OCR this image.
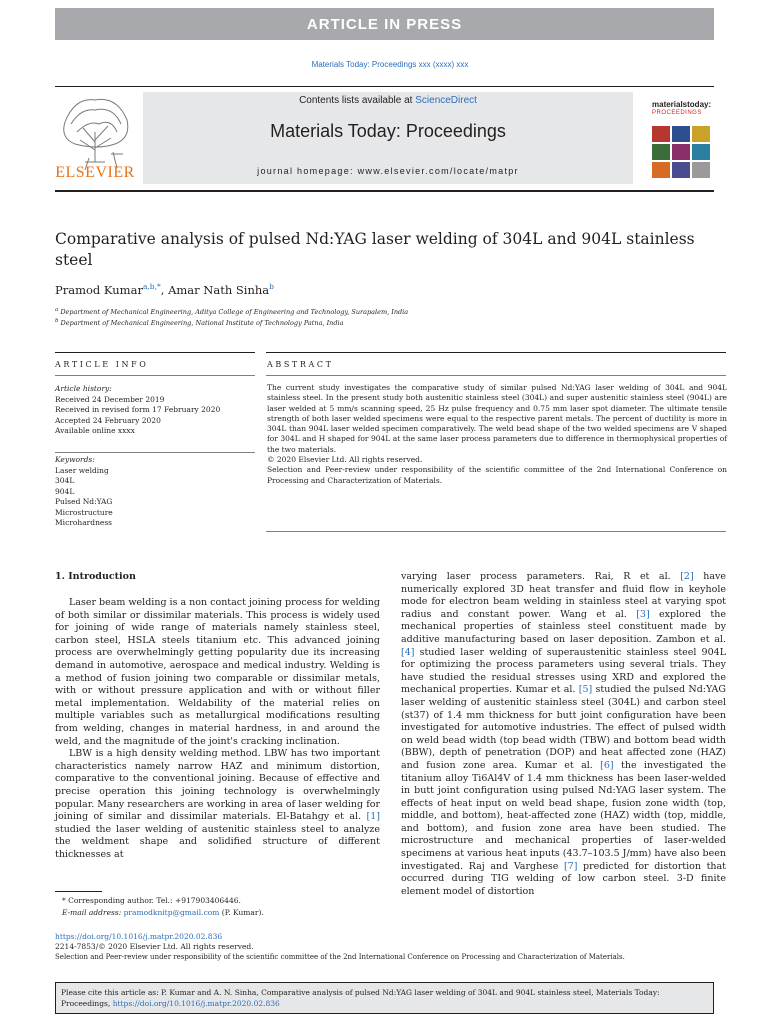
ARTICLE IN PRESS
Materials Today: Proceedings xxx (xxxx) xxx
ELSEVIER
Contents lists available at ScienceDirect
Materials Today: Proceedings
journal homepage: www.elsevier.com/locate/matpr
materialstoday:
PROCEEDINGS
Comparative analysis of pulsed Nd:YAG laser welding of 304L and 904L stainless steel
Pramod Kumar$^{a,b,*}$, Amar Nath Sinha$^b$
$^a$ Department of Mechanical Engineering, Aditya College of Engineering and Technology, Surapalem, India
$^b$ Department of Mechanical Engineering, National Institute of Technology Patna, India
ARTICLE INFO	ABSTRACT
Article history:
Received 24 December 2019
Received in revised form 17 February 2020
Accepted 24 February 2020
Available online xxxx
Keywords:
Laser welding
304L
904L
Pulsed Nd:YAG
Microstructure
Microhardness

The current study investigates the comparative study of similar pulsed Nd:YAG laser welding of 304L and 904L stainless steel. In the present study both austenitic stainless steel (304L) and super austenitic stainless steel (904L) are laser welded at 5 mm/s scanning speed, 25 Hz pulse frequency and 0.75 mm laser spot diameter. The ultimate tensile strength of both laser welded specimens were equal to the respective parent metals. The percent of ductility is more in 304L than 904L laser welded specimen comparatively. The weld bead shape of the two welded specimens are V shaped for 304L and H shaped for 904L at the same laser process parameters due to difference in thermophysical properties of the two materials.

© 2020 Elsevier Ltd. All rights reserved.

Selection and Peer-review under responsibility of the scientific committee of the 2nd International Conference on Processing and Characterization of Materials.

1. Introduction

Laser beam welding is a non contact joining process for welding of both similar or dissimilar materials. This process is widely used for joining of wide range of materials namely stainless steel, carbon steel, HSLA steels titanium etc. This advanced joining process are overwhelmingly getting popularity due its increasing demand in automotive, aerospace and medical industry. Welding is a method of fusion joining two comparable or dissimilar metals, with or without pressure application and with or without filler metal implementation. Weldability of the material relies on multiple variables such as metallurgical modifications resulting from welding, changes in material hardness, in and around the weld, and the magnitude of the joint's cracking inclination.

LBW is a high density welding method. LBW has two important characteristics namely narrow HAZ and minimum distortion, comparative to the conventional joining. Because of effective and precise operation this joining technology is overwhelmingly popular. Many researchers are working in area of laser welding for joining of similar and dissimilar materials. El-Batahgy et al. [1] studied the laser welding of austenitic stainless steel to analyze the weldment shape and solidified structure of different thicknesses at

varying laser process parameters. Rai, R et al. [2] have numerically explored 3D heat transfer and fluid flow in keyhole mode for electron beam welding in stainless steel at varying spot radius and constant power. Wang et al. [3] explored the mechanical properties of stainless steel constituent made by additive manufacturing based on laser deposition. Zambon et al. [4] studied laser welding of superaustenitic stainless steel 904L for optimizing the process parameters using several trials. They have studied the residual stresses using XRD and explored the mechanical properties. Kumar et al. [5] studied the pulsed Nd:YAG laser welding of austenitic stainless steel (304L) and carbon steel (st37) of 1.4 mm thickness for butt joint configuration have been investigated for automotive industries. The effect of pulsed width on weld bead width (top bead width (TBW) and bottom bead width (BBW), depth of penetration (DOP) and heat affected zone (HAZ) and fusion zone area. Kumar et al. [6] the investigated the titanium alloy Ti6Al4V of 1.4 mm thickness has been laser-welded in butt joint configuration using pulsed Nd:YAG laser system. The effects of heat input on weld bead shape, fusion zone width (top, middle, and bottom), heat-affected zone (HAZ) width (top, middle, and bottom), and fusion zone area have been studied. The microstructure and mechanical properties of laser-welded specimens at various heat inputs (43.7–103.5 J/mm) have also been investigated. Raj and Varghese [7] predicted for distortion that occurred during TIG welding of low carbon steel. 3-D finite element model of distortion

* Corresponding author. Tel.: +917903406446.
E-mail address: pramodknitp@gmail.com (P. Kumar).
https://doi.org/10.1016/j.matpr.2020.02.836
2214-7853/© 2020 Elsevier Ltd. All rights reserved.
Selection and Peer-review under responsibility of the scientific committee of the 2nd International Conference on Processing and Characterization of Materials.
Please cite this article as: P. Kumar and A. N. Sinha, Comparative analysis of pulsed Nd:YAG laser welding of 304L and 904L stainless steel, Materials Today: Proceedings, https://doi.org/10.1016/j.matpr.2020.02.836
